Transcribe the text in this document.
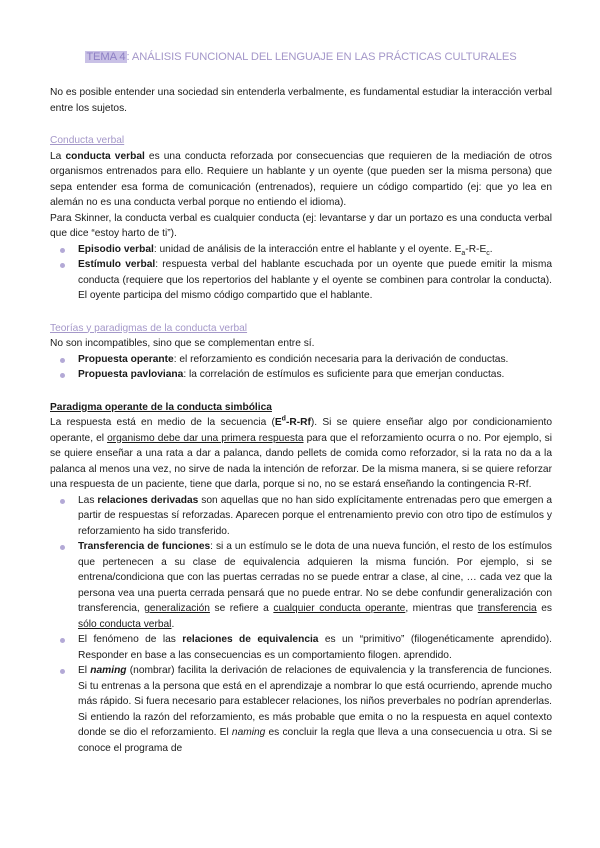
TEMA 4: ANÁLISIS FUNCIONAL DEL LENGUAJE EN LAS PRÁCTICAS CULTURALES

No es posible entender una sociedad sin entenderla verbalmente, es fundamental estudiar la interacción verbal entre los sujetos.

Conducta verbal

La conducta verbal es una conducta reforzada por consecuencias que requieren de la mediación de otros organismos entrenados para ello. Requiere un hablante y un oyente (que pueden ser la misma persona) que sepa entender esa forma de comunicación (entrenados), requiere un código compartido (ej: que yo lea en alemán no es una conducta verbal porque no entiendo el idioma).

Para Skinner, la conducta verbal es cualquier conducta (ej: levantarse y dar un portazo es una conducta verbal que dice “estoy harto de ti”).

Episodio verbal: unidad de análisis de la interacción entre el hablante y el oyente. $E_a-R-E_c$.
Estímulo verbal: respuesta verbal del hablante escuchada por un oyente que puede emitir la misma conducta (requiere que los repertorios del hablante y el oyente se combinen para controlar la conducta). El oyente participa del mismo código compartido que el hablante.
Teorías y paradigmas de la conducta verbal

No son incompatibles, sino que se complementan entre sí.

Propuesta operante: el reforzamiento es condición necesaria para la derivación de conductas.
Propuesta pavloviana: la correlación de estímulos es suficiente para que emerjan conductas.
Paradigma operante de la conducta simbólica

La respuesta está en medio de la secuencia $(E^d-R-Rf)$. Si se quiere enseñar algo por condicionamiento operante, el organismo debe dar una primera respuesta para que el reforzamiento ocurra o no. Por ejemplo, si se quiere enseñar a una rata a dar a palanca, dando pellets de comida como reforzador, si la rata no da a la palanca al menos una vez, no sirve de nada la intención de reforzar. De la misma manera, si se quiere reforzar una respuesta de un paciente, tiene que darla, porque si no, no se estará enseñando la contingencia R-Rf.

Las relaciones derivadas son aquellas que no han sido explícitamente entrenadas pero que emergen a partir de respuestas sí reforzadas. Aparecen porque el entrenamiento previo con otro tipo de estímulos y reforzamiento ha sido transferido.
Transferencia de funciones: si a un estímulo se le dota de una nueva función, el resto de los estímulos que pertenecen a su clase de equivalencia adquieren la misma función. Por ejemplo, si se entrena/condiciona que con las puertas cerradas no se puede entrar a clase, al cine, … cada vez que la persona vea una puerta cerrada pensará que no puede entrar. No se debe confundir generalización con transferencia, generalización se refiere a cualquier conducta operante, mientras que transferencia es sólo conducta verbal.
El fenómeno de las relaciones de equivalencia es un “primitivo” (filogenéticamente aprendido). Responder en base a las consecuencias es un comportamiento filogen. aprendido.
El naming (nombrar) facilita la derivación de relaciones de equivalencia y la transferencia de funciones. Si tu entrenas a la persona que está en el aprendizaje a nombrar lo que está ocurriendo, aprende mucho más rápido. Si fuera necesario para establecer relaciones, los niños preverbales no podrían aprenderlas. Si entiendo la razón del reforzamiento, es más probable que emita o no la respuesta en aquel contexto donde se dio el reforzamiento. El naming es concluir la regla que lleva a una consecuencia u otra. Si se conoce el programa de
